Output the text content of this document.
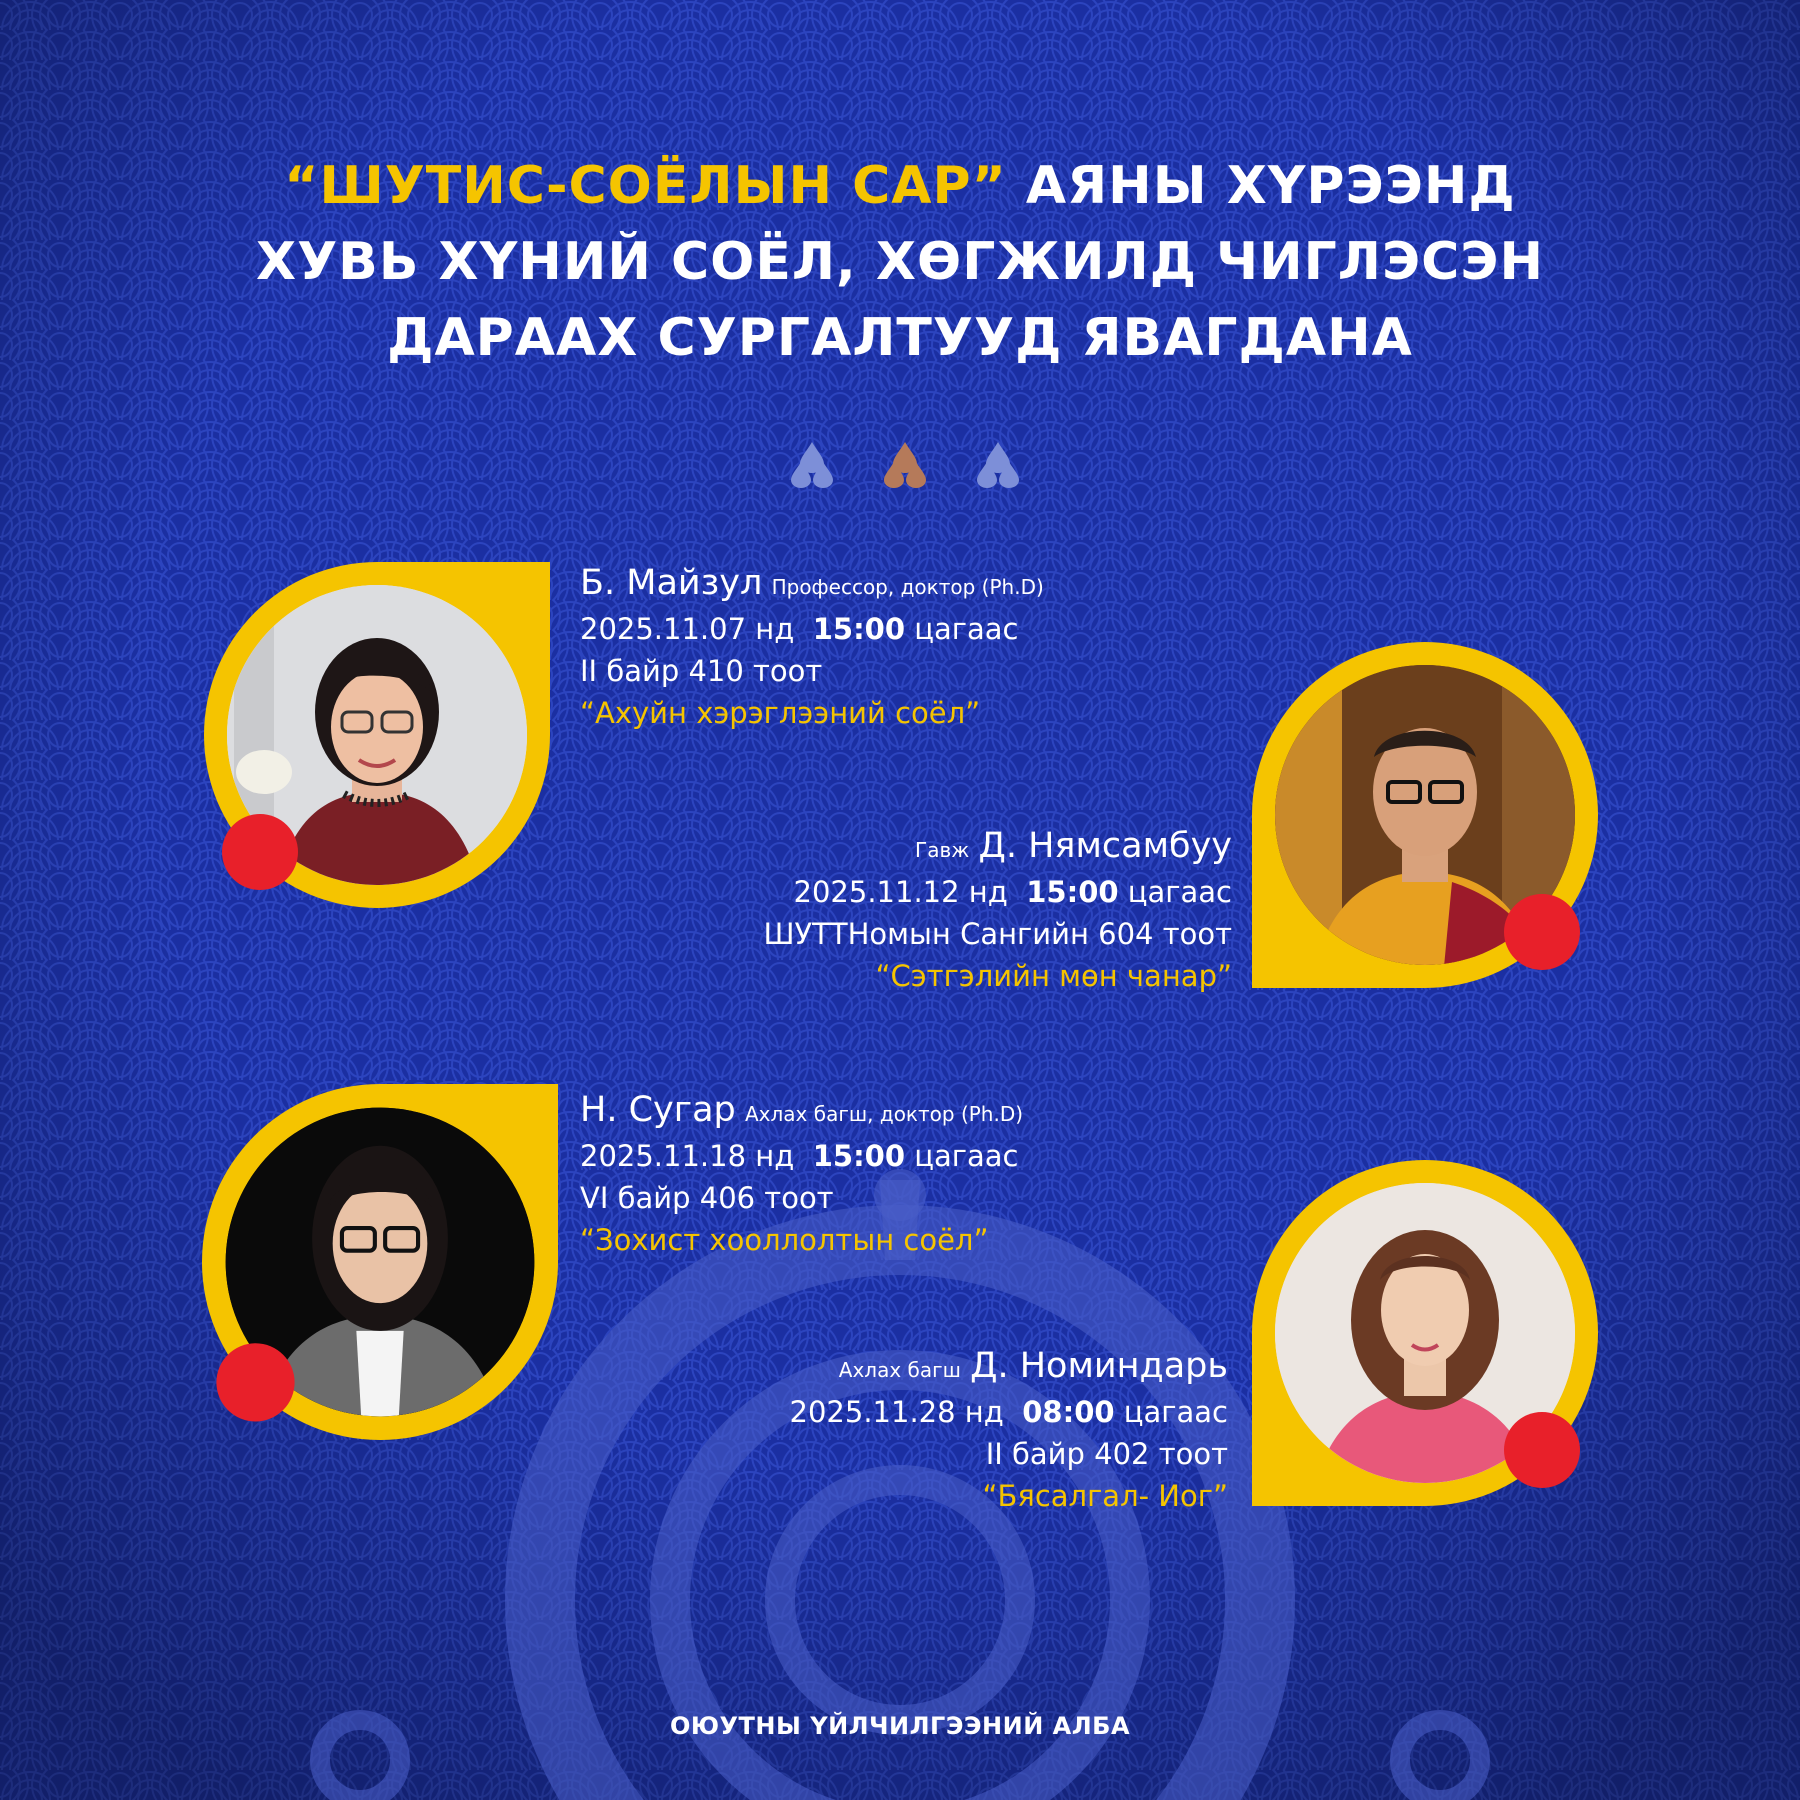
“ШУТИС-СОЁЛЫН САР” АЯНЫ ХҮРЭЭНД
ХУВЬ ХҮНИЙ СОЁЛ, ХӨГЖИЛД ЧИГЛЭСЭН
ДАРААХ СУРГАЛТУУД ЯВАГДАНА
Б. Майзул Профессор, доктор (Ph.D)
2025.11.07 нд 15:00 цагаас
II байр 410 тоот
“Ахуйн хэрэглээний соёл”
Гавж Д. Нямсамбуу
2025.11.12 нд 15:00 цагаас
ШУТТНомын Сангийн 604 тоот
“Сэтгэлийн мөн чанар”
Н. Сугар Ахлах багш, доктор (Ph.D)
2025.11.18 нд 15:00 цагаас
VI байр 406 тоот
“Зохист хооллолтын соёл”
Ахлах багш Д. Номиндарь
2025.11.28 нд 08:00 цагаас
II байр 402 тоот
“Бясалгал- Иог”
ОЮУТНЫ ҮЙЛЧИЛГЭЭНИЙ АЛБА
